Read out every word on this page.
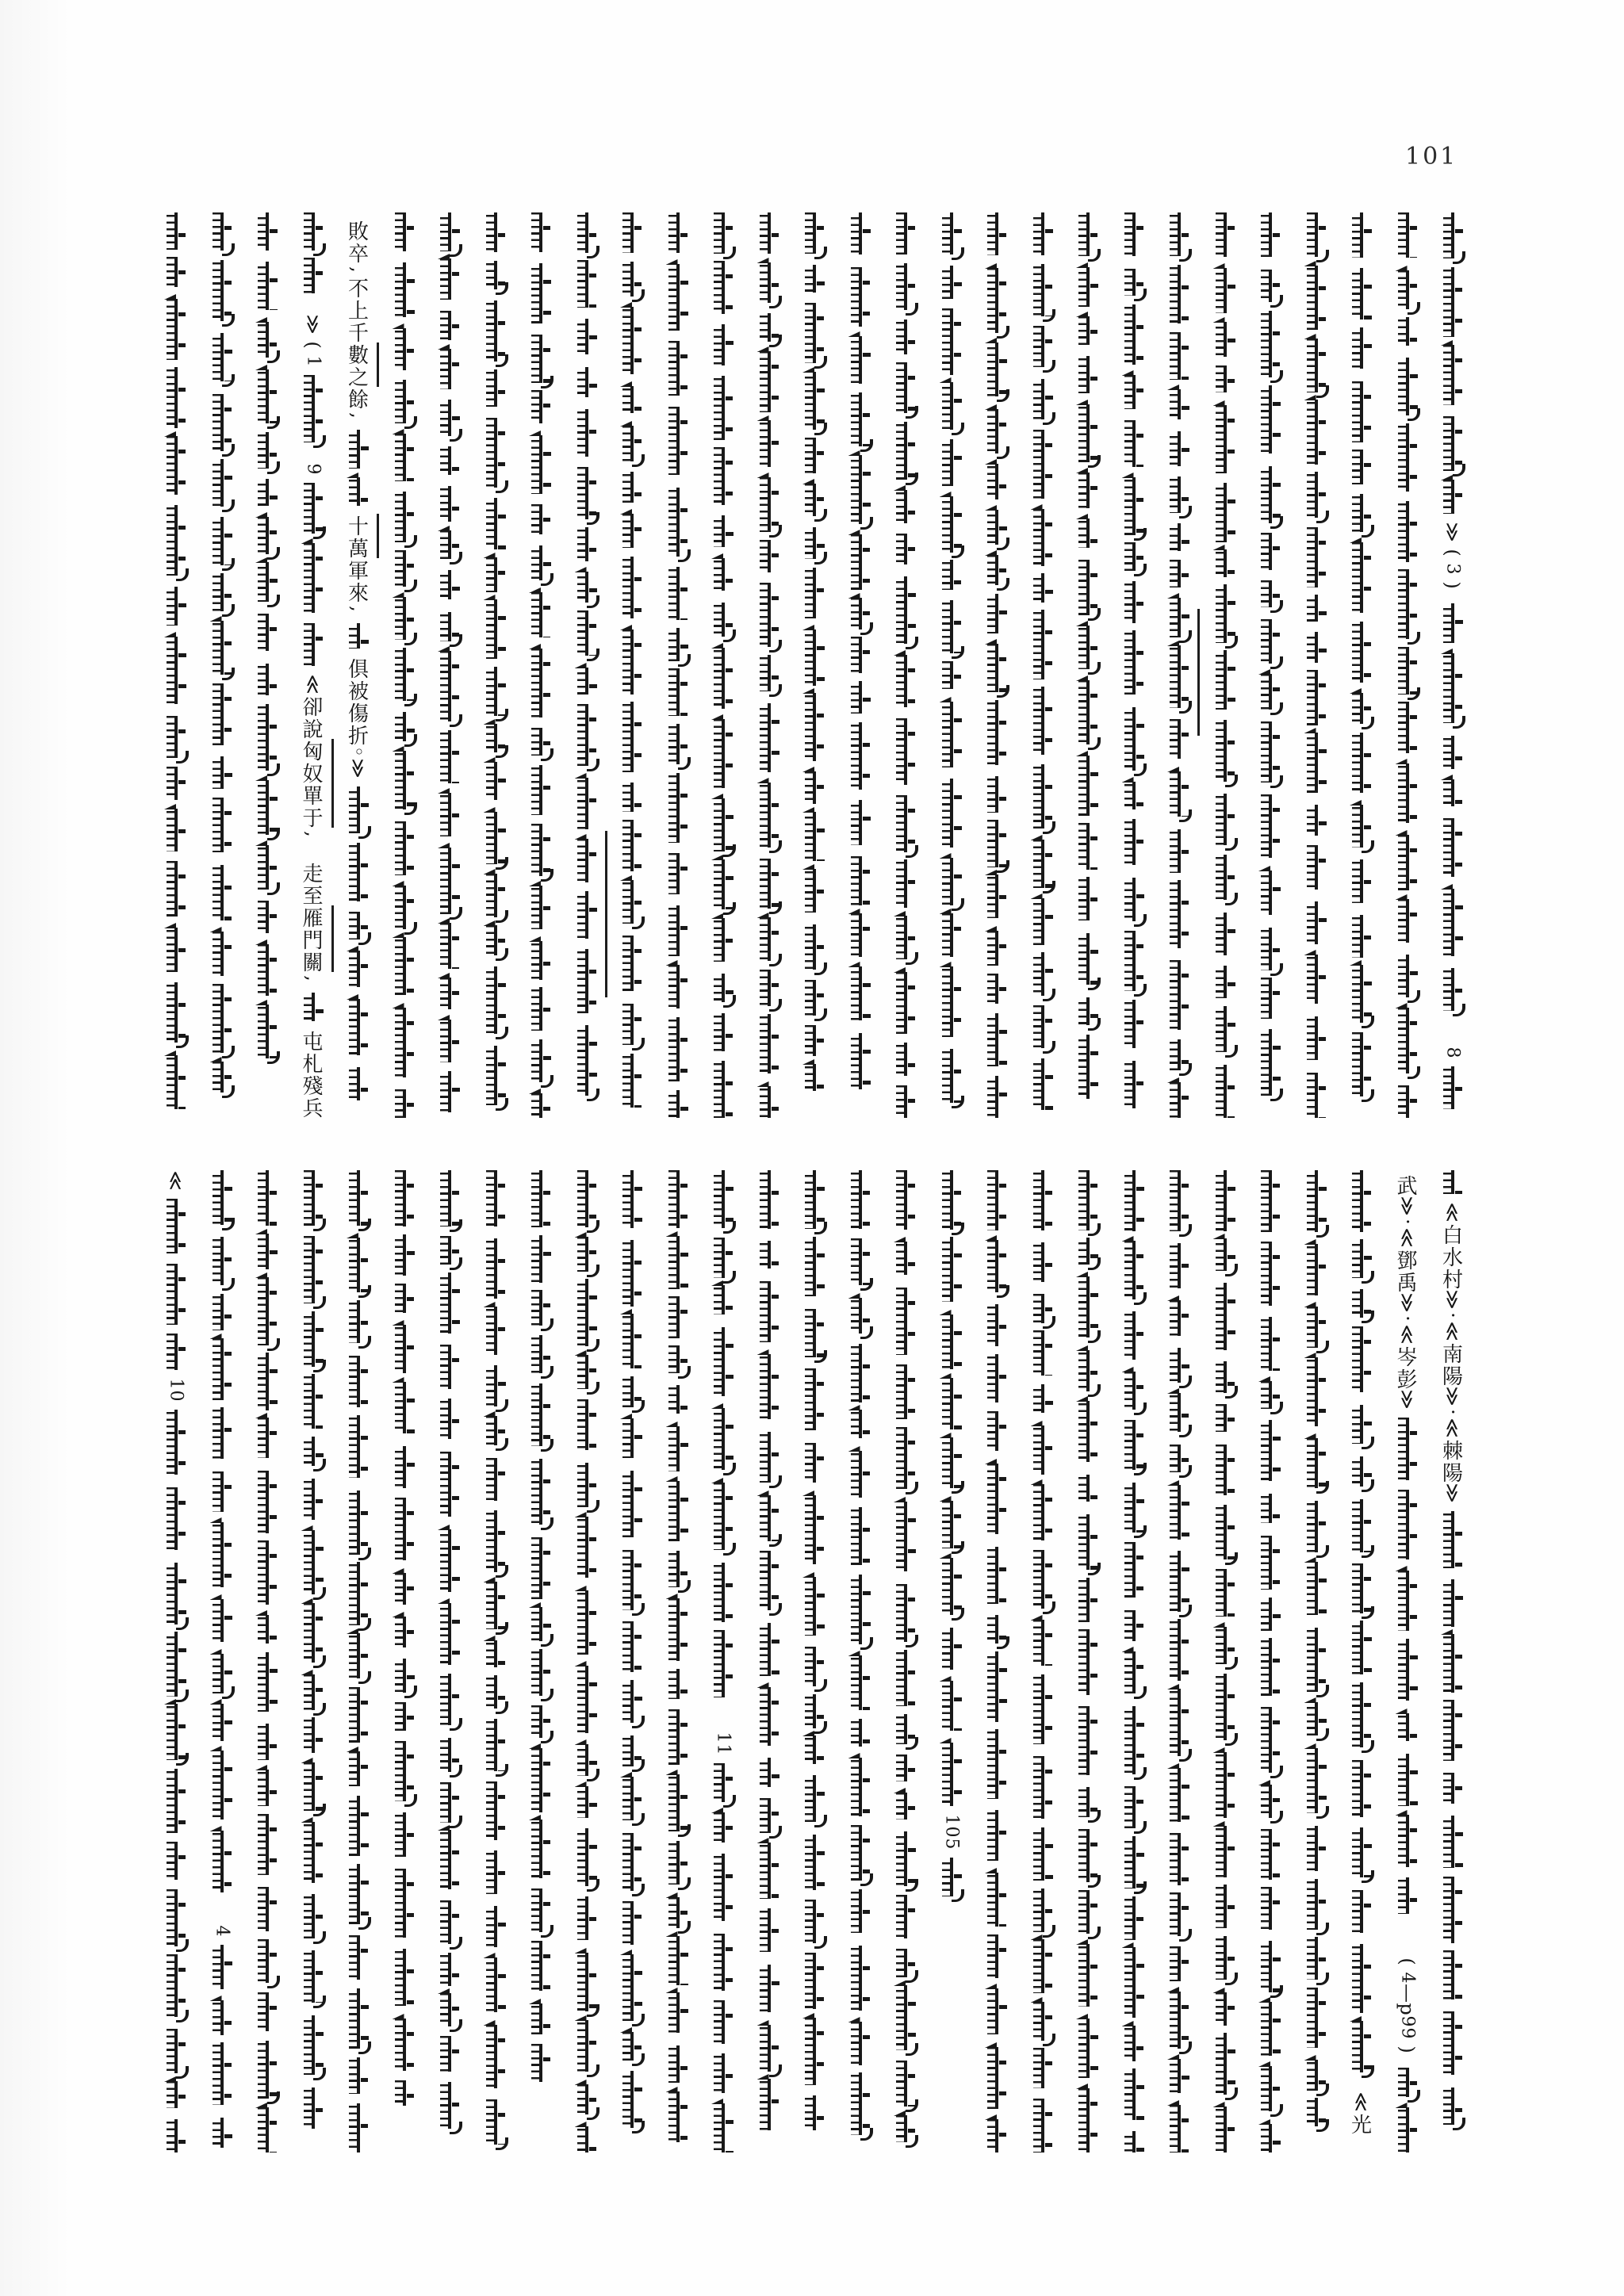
101
≫
(
1
9
≪
卻
說
匈
奴
單
于
,
走
至
雁
門
關
,
屯
札
殘
兵
敗
卒
,
不
上
千
數
之
餘
,
十
萬
軍
來
,
俱
被
傷
折
◦
≫
≫
(
3
)
8
≪
1
0
4
1
1
1
0
5
≪
光
武
≫
·
≪
鄧
禹
≫
·
≪
岑
彭
≫
(
4
—
p
9
9
)
≪
白
水
村
≫
·
≪
南
陽
≫
·
≪
棘
陽
≫
